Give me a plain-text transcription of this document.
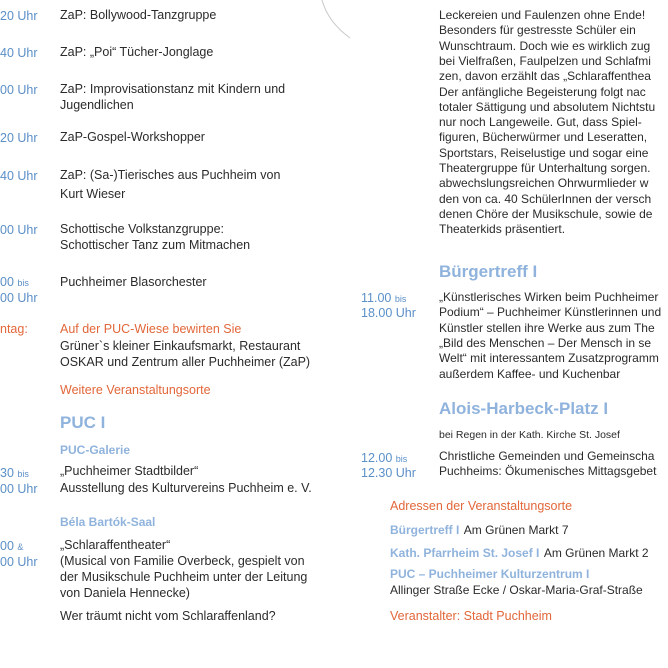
20 Uhr ZaP: Bollywood-Tanzgruppe
40 Uhr ZaP: „Poi“ Tücher-Jonglage
00 Uhr ZaP: Improvisationstanz mit Kindern und
Jugendlichen
20 Uhr ZaP-Gospel-Workshopper
40 Uhr ZaP: (Sa-)Tierisches aus Puchheim von
Kurt Wieser
00 Uhr Schottische Volkstanzgruppe:
Schottischer Tanz zum Mitmachen
00 bis
00 Uhr
Puchheimer Blasorchester
ntag:	Auf der PUC-Wiese bewirten Sie
Grüner`s kleiner Einkaufsmarkt, Restaurant
OSKAR und Zentrum aller Puchheimer (ZaP)
Weitere Veranstaltungsorte
PUC I
PUC-Galerie
30 bis
00 Uhr
„Puchheimer Stadtbilder“
Ausstellung des Kulturvereins Puchheim e. V.
Béla Bartók-Saal
00 &
00 Uhr
„Schlaraffentheater“
(Musical von Familie Overbeck, gespielt von
der Musikschule Puchheim unter der Leitung
von Daniela Hennecke)
Wer träumt nicht vom Schlaraffenland?
Leckereien und Faulenzen ohne Ende!
Besonders für gestresste Schüler ein
Wunschtraum. Doch wie es wirklich zug
bei Vielfraßen, Faulpelzen und Schlafmi
zen, davon erzählt das „Schlaraffenthea
Der anfängliche Begeisterung folgt nac
totaler Sättigung und absolutem Nichtstu
nur noch Langeweile. Gut, dass Spiel-
figuren, Bücherwürmer und Leseratten,
Sportstars, Reiselustige und sogar eine
Theatergruppe für Unterhaltung sorgen.
abwechslungsreichen Ohrwurmlieder w
den von ca. 40 SchülerInnen der versch
denen Chöre der Musikschule, sowie de
Theaterkids präsentiert.
Bürgertreff I
11.00 bis
18.00 Uhr
„Künstlerisches Wirken beim Puchheimer
Podium“ – Puchheimer Künstlerinnen und
Künstler stellen ihre Werke aus zum The
„Bild des Menschen – Der Mensch in se
Welt“ mit interessantem Zusatzprogramm
außerdem Kaffee- und Kuchenbar
Alois-Harbeck-Platz I
bei Regen in der Kath. Kirche St. Josef
12.00 bis
12.30 Uhr
Christliche Gemeinden und Gemeinscha
Puchheims: Ökumenisches Mittagsgebet
Adressen der Veranstaltungsorte
Bürgertreff I Am Grünen Markt 7
Kath. Pfarrheim St. Josef I Am Grünen Markt 2
PUC – Puchheimer Kulturzentrum I
Allinger Straße Ecke / Oskar-Maria-Graf-Straße
Veranstalter: Stadt Puchheim
